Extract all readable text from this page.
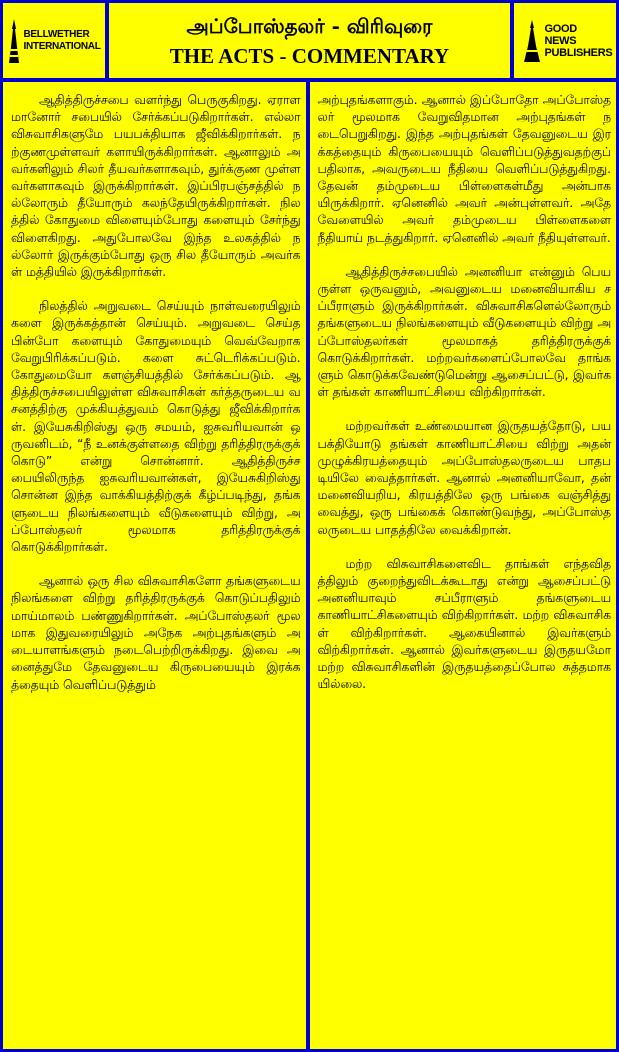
BELLWETHER INTERNATIONAL
அப்போஸ்தலர் - விரிவுரை
THE ACTS - COMMENTARY
GOOD NEWS PUBLISHERS

ஆதித்திருச்சபை வளர்ந்து பெருகுகிறது. ஏராளமானோர் சபையில் சேர்க்கப்படுகிறார்கள். எல்லா விசுவாசிகளுமே பயபக்தியாக ஜீவிக்கிறார்கள். நற்குணமுள்ளவர் களாயிருக்கிறார்கள். ஆனாலும் அவர்களிலும் சிலர் தீயவர்களாகவும், துர்க்குண முள்ளவர்களாகவும் இருக்கிறார்கள். இப்பிரபஞ்சத்தில் நல்லோரும் தீயோரும் கலந்தேயிருக்கிறார்கள். நிலத்தில் கோதுமை விளையும்போது களையும் சேர்ந்து விளைகிறது. அதுபோலவே இந்த உலகத்தில் நல்லோர் இருக்கும்போது ஒரு சில தீயோரும் அவர்கள் மத்தியில் இருக்கிறார்கள்.

நிலத்தில் அறுவடை செய்யும் நாள்வரையிலும் களை இருக்கத்தான் செய்யும். அறுவடை செய்த பின்போ களையும் கோதுமையும் வெவ்வேறாக வேறுபிரிக்கப்படும். களை சுட்டெரிக்கப்படும். கோதுமையோ களஞ்சியத்தில் சேர்க்கப்படும். ஆதித்திருச்சபையிலுள்ள விசுவாசிகள் கர்த்தருடைய வசனத்திற்கு முக்கியத்துவம் கொடுத்து ஜீவிக்கிறார்கள். இயேசுகிறிஸ்து ஒரு சமயம், ஐசுவரியவான் ஒருவனிடம், “நீ உனக்குள்ளதை விற்று தரித்திரருக்குக் கொடு” என்று சொன்னார். ஆதித்திருச்சபையிலிருந்த ஐசுவரியவான்கள், இயேசுகிறிஸ்து சொன்ன இந்த வாக்கியத்திற்குக் கீழ்ப்படிந்து, தங்களுடைய நிலங்களையும் வீடுகளையும் விற்று, அப்போஸ்தலர் மூலமாக தரித்திரருக்குக் கொடுக்கிறார்கள்.

ஆனால் ஒரு சில விசுவாசிகளோ தங்களுடைய நிலங்களை விற்று தரித்திரருக்குக் கொடுப்பதிலும் மாய்மாலம் பண்ணுகிறார்கள். அப்போஸ்தலர் மூலமாக இதுவரையிலும் அநேக அற்புதங்களும் அடையாளங்களும் நடைபெற்றிருக்கிறது. இவை அனைத்துமே தேவனுடைய கிருபையையும் இரக்கத்தையும் வெளிப்படுத்தும்

அற்புதங்களாகும். ஆனால் இப்போதோ அப்போஸ்தலர் மூலமாக வேறுவிதமான அற்புதங்கள் நடைபெறுகிறது. இந்த அற்புதங்கள் தேவனுடைய இரக்கத்தையும் கிருபையையும் வெளிப்படுத்துவதற்குப் பதிலாக, அவருடைய நீதியை வெளிப்படுத்துகிறது. தேவன் தம்முடைய பிள்ளைகள்மீது அன்பாகயிருக்கிறார். ஏனெனில் அவர் அன்புள்ளவர். அதே வேளையில் அவர் தம்முடைய பிள்ளைகளை நீதியாய் நடத்துகிறார். ஏனெனில் அவர் நீதியுள்ளவர்.

ஆதித்திருச்சபையில் அனனியா என்னும் பெயருள்ள ஒருவனும், அவனுடைய மனைவியாகிய சப்பீராளும் இருக்கிறார்கள். விசுவாசிகளெல்லோரும் தங்களுடைய நிலங்களையும் வீடுகளையும் விற்று அப்போஸ்தலர்கள் மூலமாகத் தரித்திரருக்குக் கொடுக்கிறார்கள். மற்றவர்களைப்போலவே தாங்களும் கொடுக்கவேண்டுமென்று ஆசைப்பட்டு, இவர்கள் தங்கள் காணியாட்சியை விற்கிறார்கள்.

மற்றவர்கள் உண்மையான இருதயத்தோடு, பயபக்தியோடு தங்கள் காணியாட்சியை விற்று அதன் முழுக்கிரயத்தையும் அப்போஸ்தலருடைய பாதபடியிலே வைத்தார்கள். ஆனால் அனனியாவோ, தன் மனைவியறிய, கிரயத்திலே ஒரு பங்கை வஞ்சித்து வைத்து, ஒரு பங்கைக் கொண்டுவந்து, அப்போஸ்தலருடைய பாதத்திலே வைக்கிறான்.

மற்ற விசுவாசிகளைவிட தாங்கள் எந்தவிதத்திலும் குறைந்துவிடக்கூடாது என்று ஆசைப்பட்டு அனனியாவும் சப்பீராளும் தங்களுடைய காணியாட்சிகளையும் விற்கிறார்கள். மற்ற விசுவாசிகள் விற்கிறார்கள். ஆகையினால் இவர்களும் விற்கிறார்கள். ஆனால் இவர்களுடைய இருதயமோ மற்ற விசுவாசிகளின் இருதயத்தைப்போல சுத்தமாகயில்லை.
